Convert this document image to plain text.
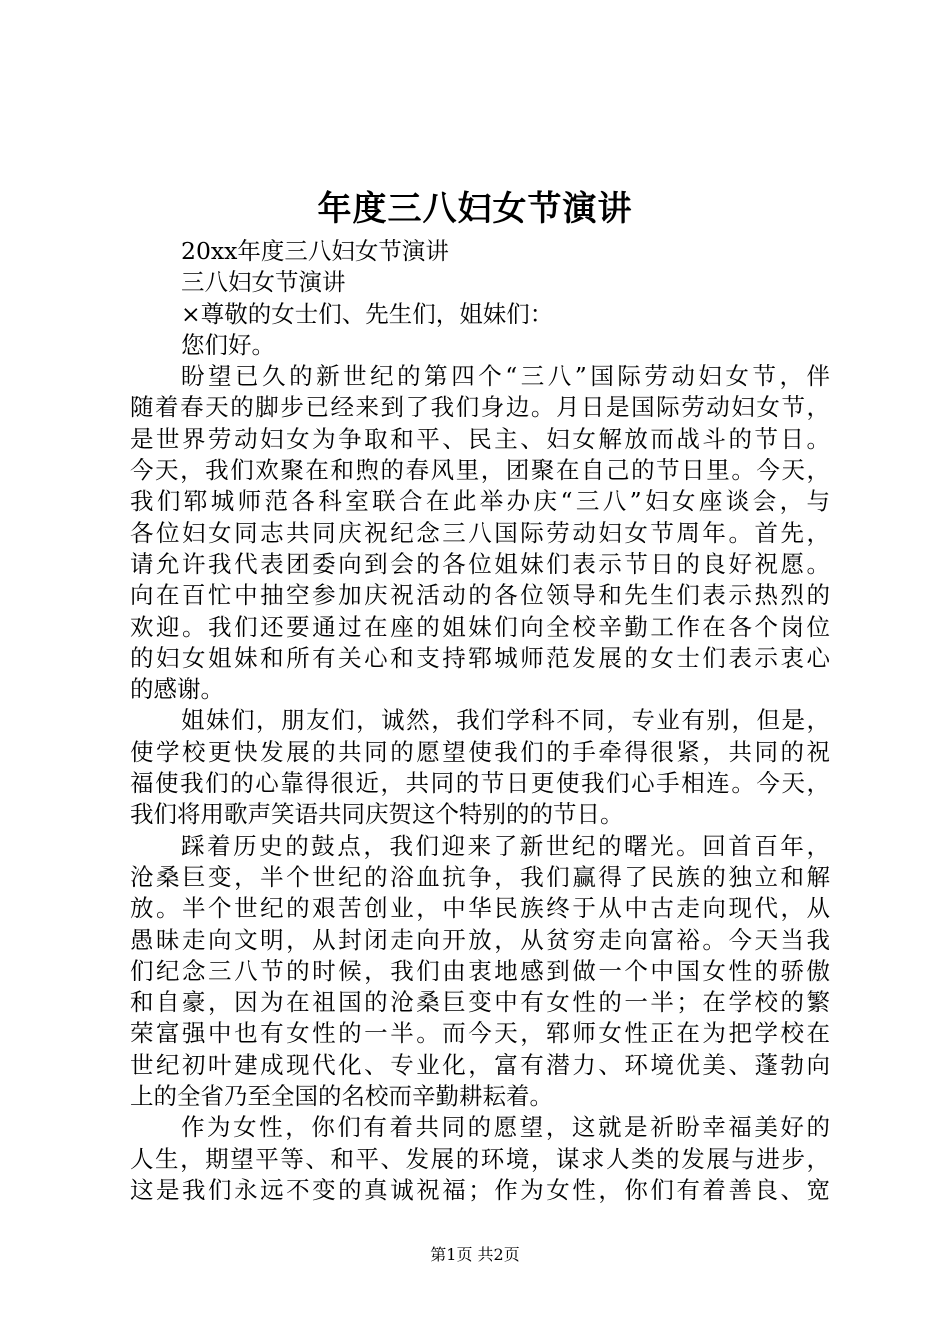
年度三八妇女节演讲
20xx年度三八妇女节演讲
三八妇女节演讲
×尊敬的女士们、先生们，姐妹们：
您们好。
盼望已久的新世纪的第四个“三八”国际劳动妇女节，伴
随着春天的脚步已经来到了我们身边。月日是国际劳动妇女节，
是世界劳动妇女为争取和平、民主、妇女解放而战斗的节日。
今天，我们欢聚在和煦的春风里，团聚在自己的节日里。今天，
我们郓城师范各科室联合在此举办庆“三八”妇女座谈会，与
各位妇女同志共同庆祝纪念三八国际劳动妇女节周年。首先，
请允许我代表团委向到会的各位姐妹们表示节日的良好祝愿。
向在百忙中抽空参加庆祝活动的各位领导和先生们表示热烈的
欢迎。我们还要通过在座的姐妹们向全校辛勤工作在各个岗位
的妇女姐妹和所有关心和支持郓城师范发展的女士们表示衷心
的感谢。
姐妹们，朋友们，诚然，我们学科不同，专业有别，但是，
使学校更快发展的共同的愿望使我们的手牵得很紧，共同的祝
福使我们的心靠得很近，共同的节日更使我们心手相连。今天，
我们将用歌声笑语共同庆贺这个特别的的节日。
踩着历史的鼓点，我们迎来了新世纪的曙光。回首百年，
沧桑巨变，半个世纪的浴血抗争，我们赢得了民族的独立和解
放。半个世纪的艰苦创业，中华民族终于从中古走向现代，从
愚昧走向文明，从封闭走向开放，从贫穷走向富裕。今天当我
们纪念三八节的时候，我们由衷地感到做一个中国女性的骄傲
和自豪，因为在祖国的沧桑巨变中有女性的一半；在学校的繁
荣富强中也有女性的一半。而今天，郓师女性正在为把学校在
世纪初叶建成现代化、专业化，富有潜力、环境优美、蓬勃向
上的全省乃至全国的名校而辛勤耕耘着。
作为女性，你们有着共同的愿望，这就是祈盼幸福美好的
人生，期望平等、和平、发展的环境，谋求人类的发展与进步，
这是我们永远不变的真诚祝福；作为女性，你们有着善良、宽
第1页 共2页
